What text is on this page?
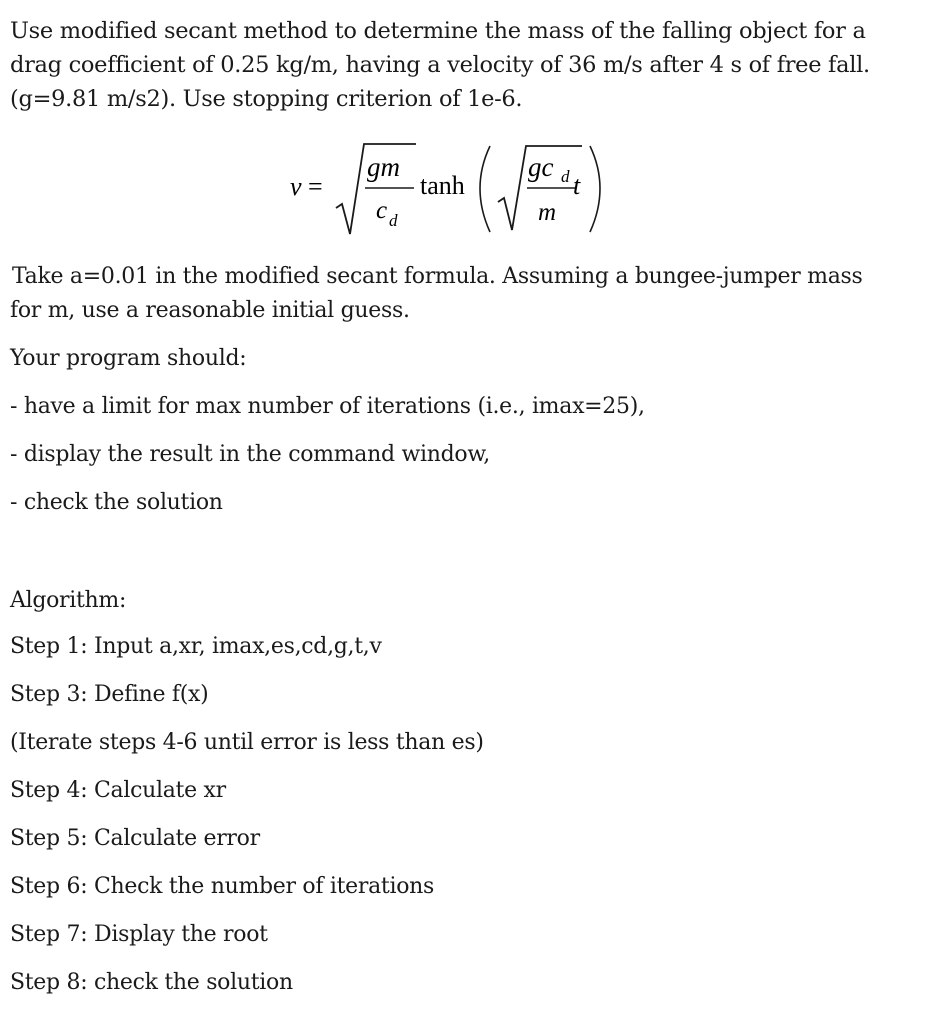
Use modified secant method to determine the mass of the falling object for a
drag coefficient of 0.25 kg/m, having a velocity of 36 m/s after 4 s of free fall.
(g=9.81 m/s2). Use stopping criterion of 1e-6.
v =
gm
c d
tanh
gc d
m
t
Take a=0.01 in the modified secant formula. Assuming a bungee-jumper mass
for m, use a reasonable initial guess.
Your program should:
- have a limit for max number of iterations (i.e., imax=25),
- display the result in the command window,
- check the solution
Algorithm:
Step 1: Input a,xr, imax,es,cd,g,t,v
Step 3: Define f(x)
(Iterate steps 4-6 until error is less than es)
Step 4: Calculate xr
Step 5: Calculate error
Step 6: Check the number of iterations
Step 7: Display the root
Step 8: check the solution
